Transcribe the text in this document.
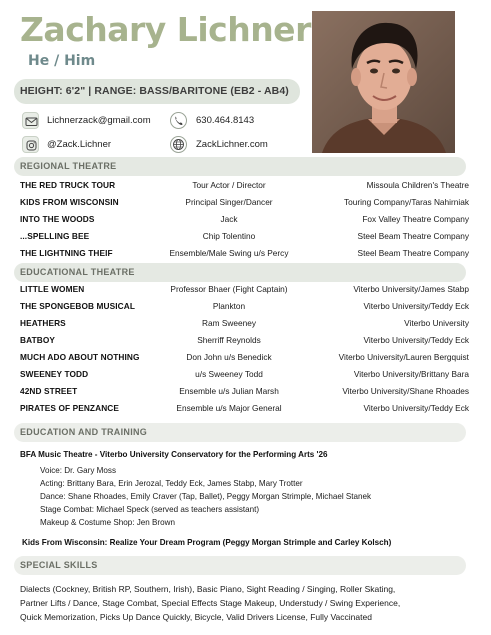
Zachary Lichner
He / Him
HEIGHT: 6'2" | RANGE: BASS/BARITONE (EB2 - AB4)
Lichnerzack@gmail.com	630.464.8143
@Zack.Lichner	ZackLichner.com
REGIONAL THEATRE
THE RED TRUCK TOUR	Tour Actor / Director	Missoula Children's Theatre
KIDS FROM WISCONSIN	Principal Singer/Dancer	Touring Company/Taras Nahirniak
INTO THE WOODS	Jack	Fox Valley Theatre Company
...SPELLING BEE	Chip Tolentino	Steel Beam Theatre Company
THE LIGHTNING THEIF	Ensemble/Male Swing u/s Percy	Steel Beam Theatre Company
EDUCATIONAL THEATRE
LITTLE WOMEN	Professor Bhaer (Fight Captain)	Viterbo University/James Stabp
THE SPONGEBOB MUSICAL	Plankton	Viterbo University/Teddy Eck
HEATHERS	Ram Sweeney	Viterbo University
BATBOY	Sherriff Reynolds	Viterbo University/Teddy Eck
MUCH ADO ABOUT NOTHING	Don John u/s Benedick	Viterbo University/Lauren Bergquist
SWEENEY TODD	u/s Sweeney Todd	Viterbo University/Brittany Bara
42ND STREET	Ensemble u/s Julian Marsh	Viterbo University/Shane Rhoades
PIRATES OF PENZANCE	Ensemble u/s Major General	Viterbo University/Teddy Eck
EDUCATION AND TRAINING
BFA Music Theatre - Viterbo University Conservatory for the Performing Arts '26
Voice: Dr. Gary Moss
Acting: Brittany Bara, Erin Jerozal, Teddy Eck, James Stabp, Mary Trotter
Dance: Shane Rhoades, Emily Craver (Tap, Ballet), Peggy Morgan Strimple, Michael Stanek
Stage Combat: Michael Speck (served as teachers assistant)
Makeup & Costume Shop: Jen Brown
Kids From Wisconsin: Realize Your Dream Program (Peggy Morgan Strimple and Carley Kolsch)
SPECIAL SKILLS
Dialects (Cockney, British RP, Southern, Irish), Basic Piano, Sight Reading / Singing, Roller Skating,
Partner Lifts / Dance, Stage Combat, Special Effects Stage Makeup, Understudy / Swing Experience,
Quick Memorization, Picks Up Dance Quickly, Bicycle, Valid Drivers License, Fully Vaccinated
